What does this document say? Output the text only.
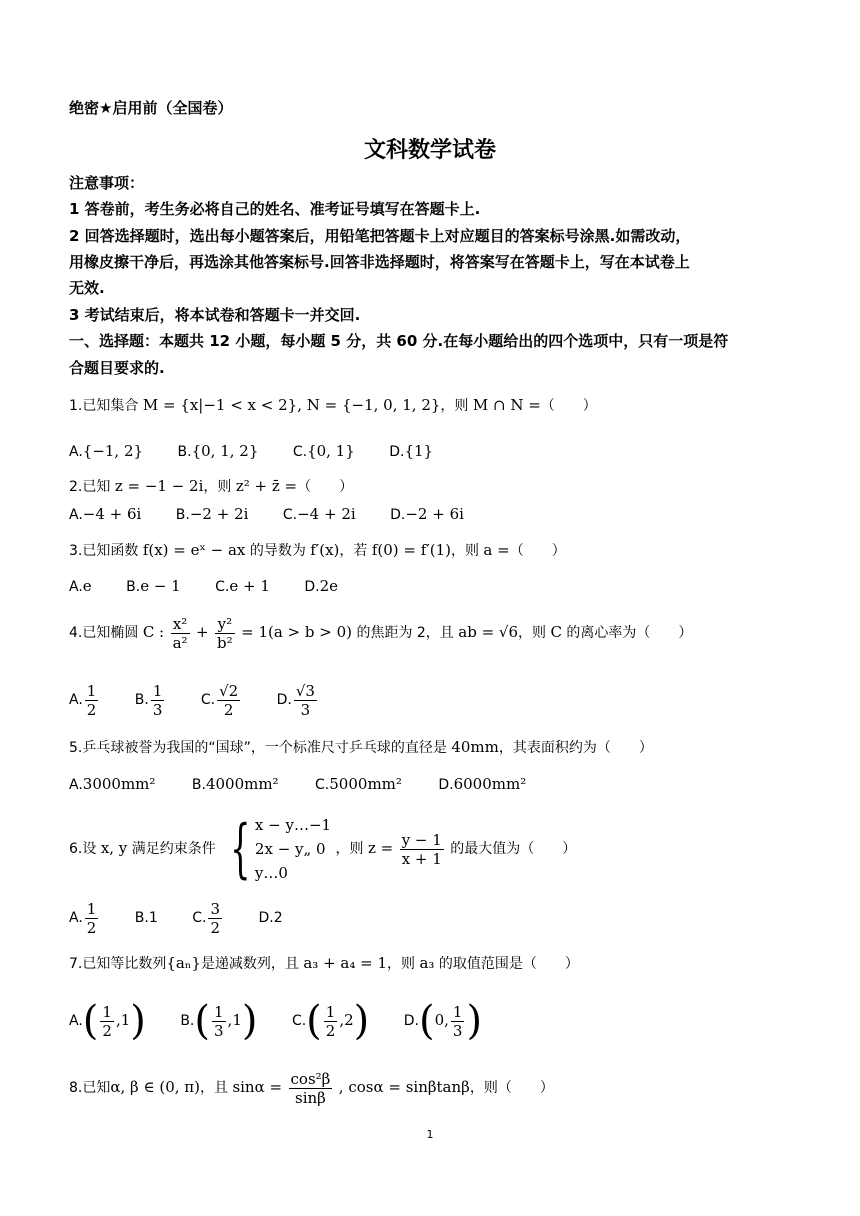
绝密★启用前（全国卷）
文科数学试卷
注意事项：
1 答卷前，考生务必将自己的姓名、准考证号填写在答题卡上.
2 回答选择题时，选出每小题答案后，用铅笔把答题卡上对应题目的答案标号涂黑.如需改动，
用橡皮擦干净后，再选涂其他答案标号.回答非选择题时，将答案写在答题卡上，写在本试卷上
无效.
3 考试结束后，将本试卷和答题卡一并交回.
一、选择题：本题共 12 小题，每小题 5 分，共 60 分.在每小题给出的四个选项中，只有一项是符
合题目要求的.
1.已知集合 M = {x|−1 < x < 2}, N = {−1, 0, 1, 2}，则 M ∩ N =（　　）
A.{−1, 2} B.{0, 1, 2} C.{0, 1} D.{1}
2.已知 z = −1 − 2i，则 z² + z̄ =（　　）
A.−4 + 6i B.−2 + 2i C.−4 + 2i D.−2 + 6i
3.已知函数 f(x) = eˣ − ax 的导数为 f′(x)，若 f(0) = f′(1)，则 a =（　　）
A.e B.e − 1 C.e + 1 D.2e
4.已知椭圆 C : $\frac{\text{x²}}{\text{a²}} + \frac{\text{y²}}{\text{b²}} = 1(a > b > 0)$ 的焦距为 2，且 ab = √6，则 C 的离心率为（　　）
A. $\frac{1}{2}$	B. $\frac{1}{3}$	C. $\frac{√2}{2}$	D. $\frac{√3}{3}$
5.乒乓球被誉为我国的“国球”，一个标准尺寸乒乓球的直径是 40mm，其表面积约为（　　）
A.3000mm²	B.4000mm²	C.5000mm²	D.6000mm²
6.设 x, y 满足约束条件 { x − y…−1
2x − y„ 0
y…0
，则 $z = \frac{y - 1}{x + 1}$ 的最大值为（　　）
A. $\frac{1}{2}$	B.1 C. $\frac{3}{2}$	D.2
7.已知等比数列{aₙ}是递减数列，且 a₃ + a₄ = 1，则 a₃ 的取值范围是（　　）
$A.( \frac{1}{2} ,1)$ $B.( \frac{1}{3} ,1)$ $C.( \frac{1}{2} ,2)$ D.(0, $\frac{1}{3}$ )
8.已知α, β ∈ (0, π)，且 $\sin\alpha = \frac{\text{cos²β}}{\sin\beta}$ , cosα = sinβtanβ，则（　　）
1
